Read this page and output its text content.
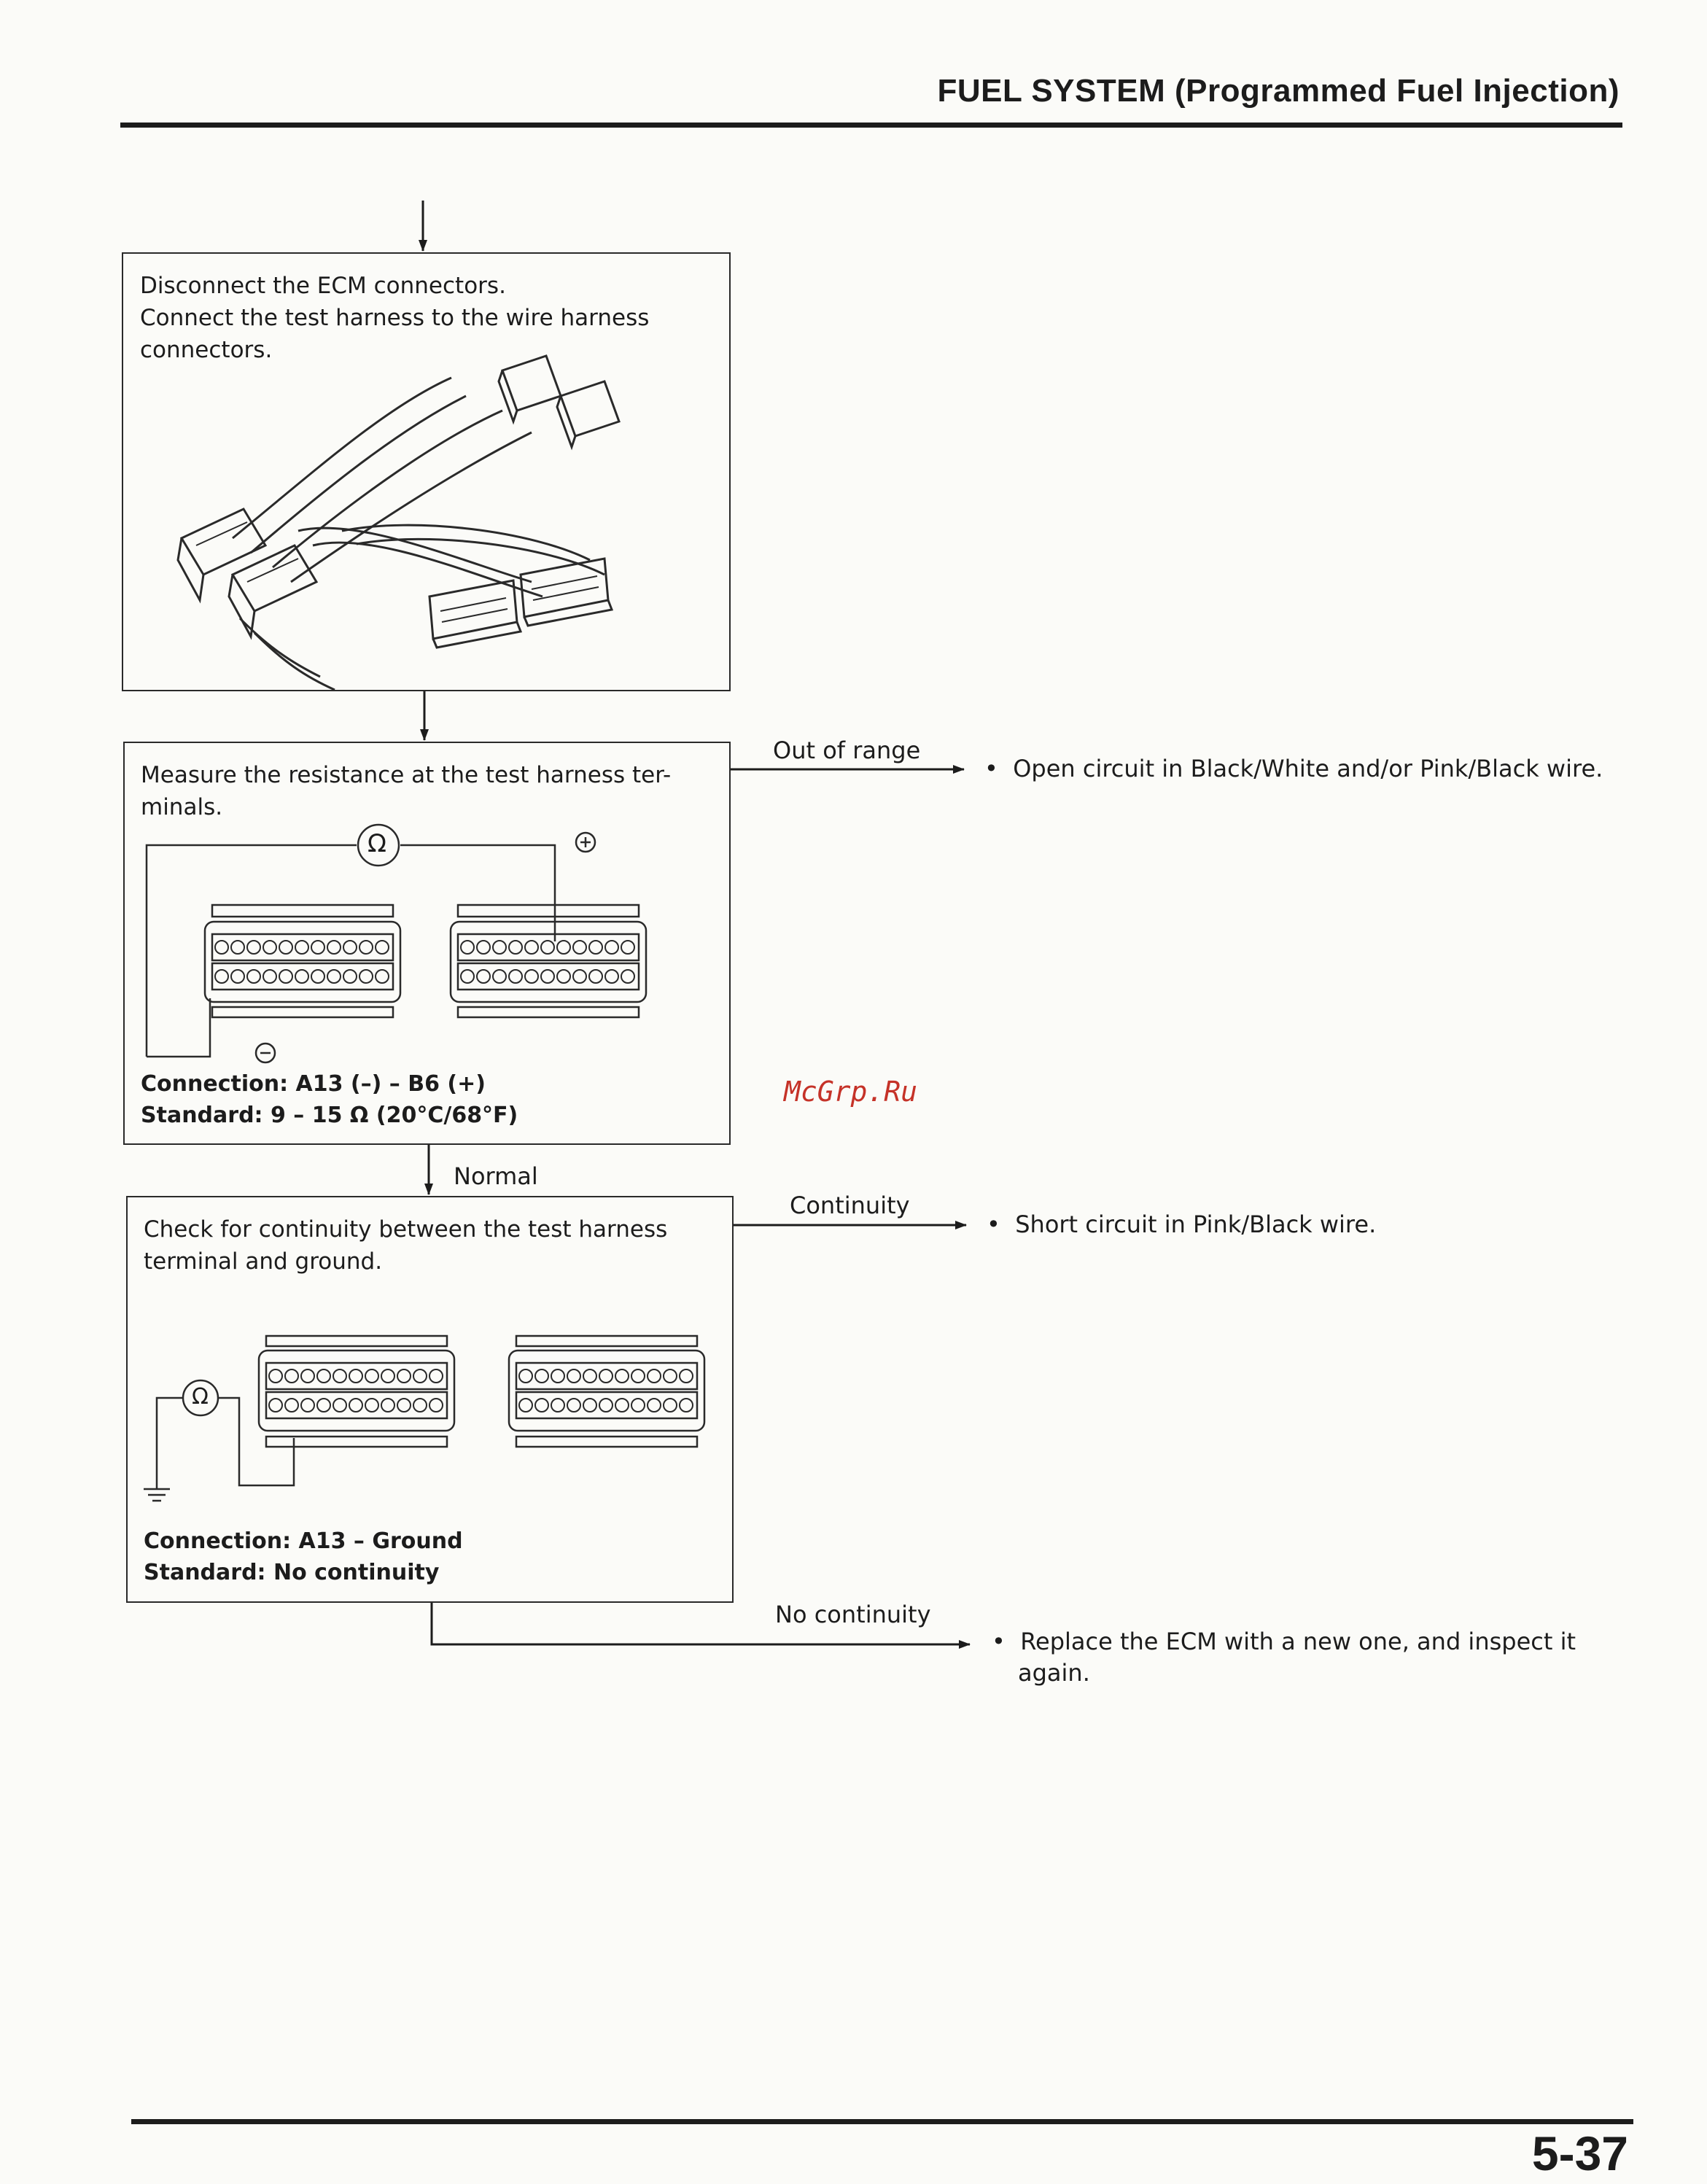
FUEL SYSTEM (Programmed Fuel Injection)
Disconnect the ECM connectors.
Connect the test harness to the wire harness
connectors.
Measure the resistance at the test harness ter-
minals.
Ω
Connection: A13 (–) – B6 (+)
Standard: 9 – 15 Ω (20°C/68°F)
Normal
Check for continuity between the test harness
terminal and ground.
Ω
Connection: A13 – Ground
Standard: No continuity
Out of range
• Open circuit in Black/White and/or Pink/Black wire.
Continuity
• Short circuit in Pink/Black wire.
No continuity
• Replace the ECM with a new one, and inspect it
again.
McGrp.Ru
5-37
